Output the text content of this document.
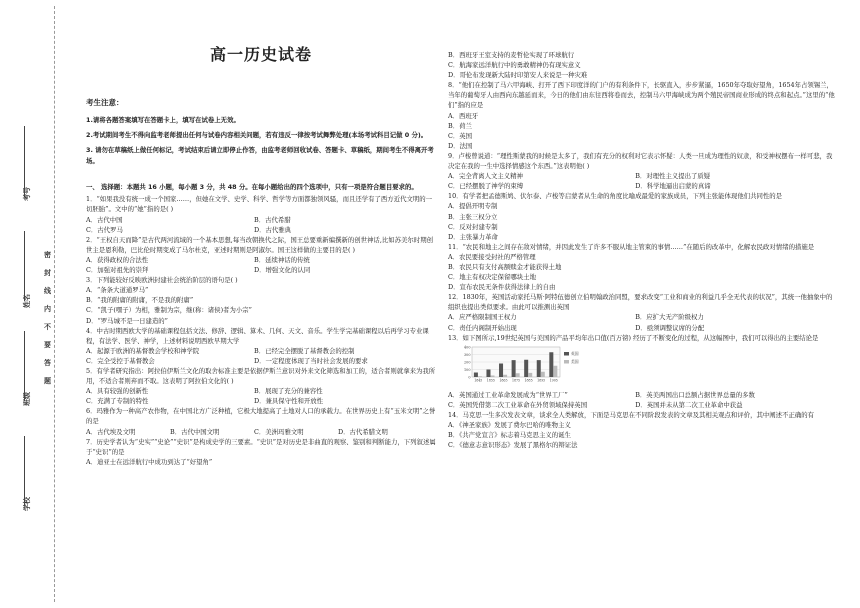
考号
姓名
班级
学校
密 封 线 内 不 要 答 题
高一历史试卷
考生注意：
1.请将各题答案填写在答题卡上，填写在试卷上无效。
2.考试期间考生不得向监考老师提出任何与试卷内容相关问题，若有违反一律按考试舞弊处理(本场考试科目记做 0 分)。
3. 请勿在草稿纸上做任何标记，考试结束后请立即停止作答，由监考老师回收试卷、答题卡、草稿纸，期间考生不得离开考场。
一、 选择题：本题共 16 小题，每小题 3 分，共 48 分。在每小题给出的四个选项中，只有一项是符合题目要求的。
1．“如果我没有统一成一个国家……，但她在文学、史学、科学、哲学等方面都独领风骚，而且还学有了西方近代文明的一切胚胎”。文中的“她”指的是( )
A．古代中国	B．古代希腊
C．古代罗马	D．古代雅典
2．“王权自天而降”是古代两河流域的一个基本思想,每当改朝换代之际，国王总要重新编撰新的创世神话,比如苏美尔时期创世主是恩利勒，巴比伦时期变成了马尔杜克，亚述时期则是阿淑尔。国王这样做的主要目的是( )
A．获得政权的合法性	B．延续神话的传统
C．加强对祖先的崇拜	D．增强文化的认同
3．下列能较好反映欧洲封建社会统治阶层的语句是( )
A．“条条大道通罗马”
B．“我的附庸的附庸，不是我的附庸”
C．“凯子(嘿子）为相，雅制为宗，继(称：诸侯)者为小宗”
D．“罗马城不是一日建造的”
4．中古时期西欧大学的基础课程包括文法、修辞、逻辑、算术、几何、天文、音乐。学生学完基础课程以后再学习专业课程，有法学、医学、神学，上述材料说明西欧早期大学
A．起源于欧洲的基督教会学校和神学院	B．已经完全摆脱了基督教会的控制
C．完全受控于基督教会	D．一定程度体现了当时社会发展的要求
5．有学者研究指出：阿拉伯伊斯兰文化的取舍标准主要是依据伊斯兰意识对外来文化筛选和加工的，适合者则就拿来为我所用，不适合者则弃而不取。这表明了阿拉伯文化的( )
A．具有较强的创新性	B．展现了充分的兼容性
C．充满了专制的特性	D．兼具保守性和开放性
6．玛雅作为一种高产农作物，在中国北方广泛种植，它极大地提高了土地对人口的承载力。在世界历史上有“玉米文明”之誉的是
A．古代埃及文明	B．古代中国文明	C．美洲玛雅文明	D．古代希腊文明
7．历史学者认为“史实”“史论”“史识”是构成史学的三要素。“史识”是对历史是非曲直的观察、鉴别和判断能力，下列叙述属于“史识”的是
A．迪亚士在远洋航行中成功到达了“好望角”
B．西班牙王室支持的麦哲伦实现了环球航行
C．航海家远洋航行中的勇敢精神仍有现实意义
D．哥伦布发现新大陆时印第安人来说是一种灾难
8．“他们在控制了马六甲海峡、打开了西下印度洋的门户的有利条件下，长驱直入，步步紧逼，1650年夺取好望角，1654年占领锡兰，当年的葡萄牙人由西向东越延而来，今日的他们由东往西将卷而去，控制马六甲海峡成为两个殖民帝国商业形成的终点和起点。”这里的“他们”指的应是
A．西班牙
B．荷兰
C．英国
D．法国
9．卢梭曾说道：“理性斯蒙我的时候是太多了，我们有充分的权利对它表示怀疑：人类一旦成为理性的奴隶，和受神权摆布一样可悲，我决定在我的一生中选择情感这个东西。”这表明他( )
A．完全背离人文主义精神	B．对理性主义提出了质疑
C．已经摆脱了神学的束缚	D．科学地逼出启蒙的真谛
10．有学者把孟德斯鸠、伏尔泰、卢梭等启蒙者从生命的角度比喻成最爱的家族成员，下列主张能体现他们共同性的是
A．提倡开明专制
B．主张三权分立
C．反对封建专制
D．主张暴力革命
11．“农民和地主之间存在敌对情绪，并因此发生了许多不服从地主管束的事情……”在随后的改革中，化解农民政对情绪的措施是
A．农民要接受封社的严格管理
B．农民只有支付高额赎金才能获得土地
C．地主有权决定保留哪块土地
D．宣布农民无条件获得法律上的自由
12．1830年，英国活动家托马斯·阿特伍德创立伯明翰政治同盟，要求改变“工业和商业的利益几乎全无代表的状况”，其统一他抽象中的组织也提出类似要求。由此可以推测出英国
A．应严格限制国王权力	B．应扩大无产阶级权力
C．责任内阁制开始出现	D．亟须调整议席的分配
13．如下图所示,19世纪英国与美国的产品平均年出口值(百万镑) 经历了不断变化的过程，从这幅图中，我们可以得出的主要结论是
400
300
200
100
0
1845 1855 1865 1875 1885 1895 1905
英国
美国
A．英国通过工业革命发展成为“世界工厂”	B．英美两国出口总额占据世界总量的多数
C．英国凭借第二次工业革命在外贸领域保持英国	D．英国并未从第二次工业革命中获益
14．马克思一生多次发表文章，谈求全人类解放，下面是马克思在不同阶段发表的文章及其相关观点和评价，其中阐述不正确的有
A．《神圣家族》发展了费尔巴哈的唯物主义
B．《共产党宣言》标志着马克思主义的诞生
C．《德意志意识形态》发展了黑格尔的辩证法
